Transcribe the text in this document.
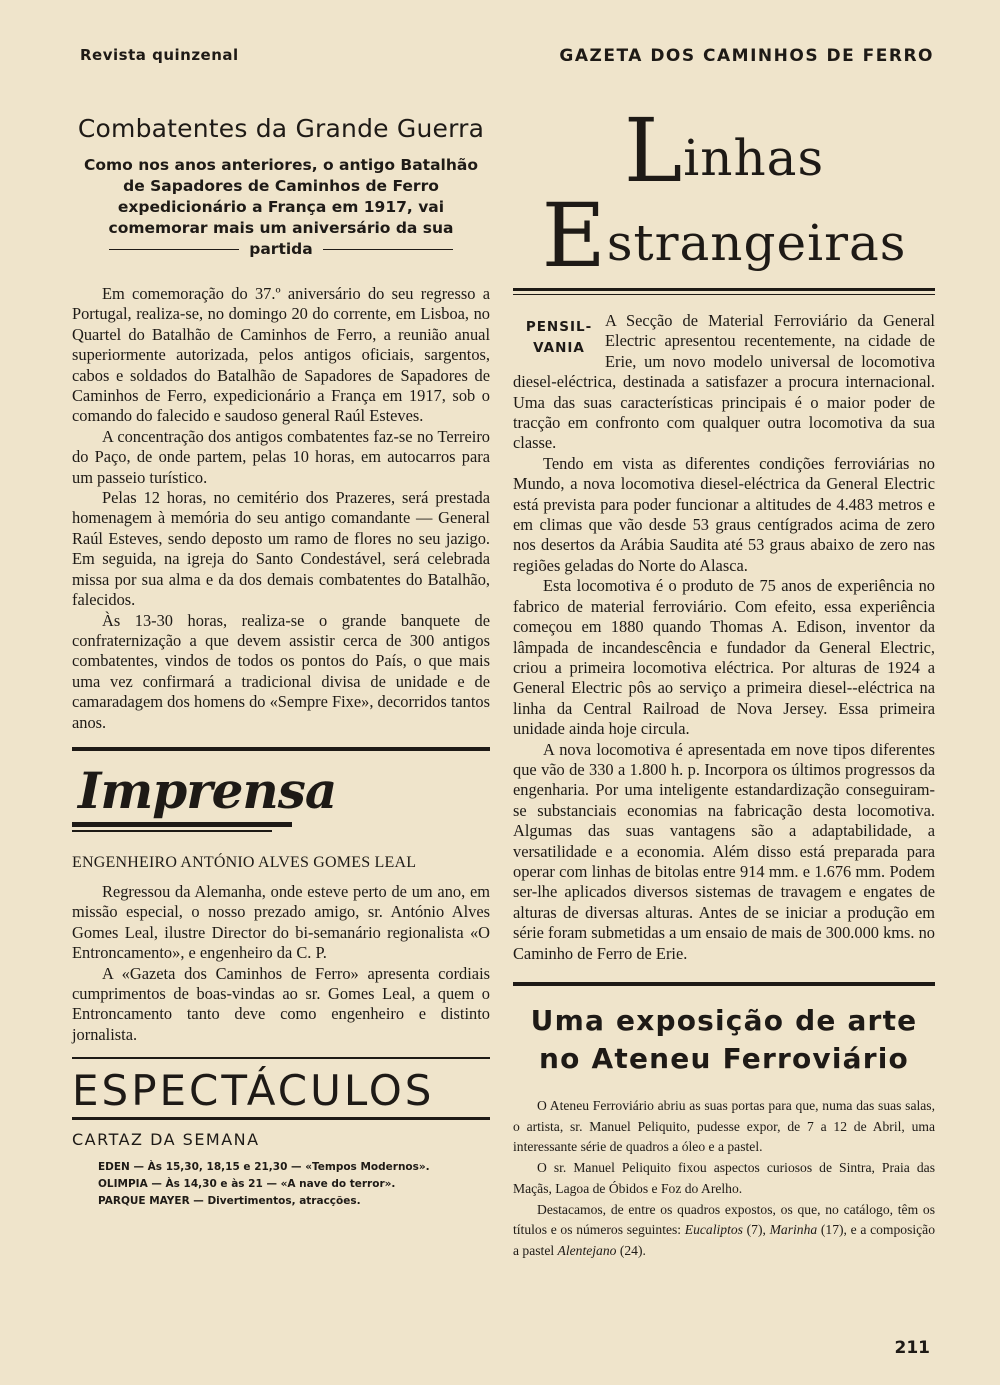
Revista quinzenal	GAZETA DOS CAMINHOS DE FERRO
Combatentes da Grande Guerra
Como nos anos anteriores, o antigo Batalhão
de Sapadores de Caminhos de Ferro
expedicionário a França em 1917, vai
comemorar mais um aniversário da sua
partida

Em comemoração do 37.º aniversário do seu regresso a Portugal, realiza-se, no domingo 20 do corrente, em Lisboa, no Quartel do Batalhão de Caminhos de Ferro, a reunião anual superiormente autorizada, pelos antigos oficiais, sargentos, cabos e soldados do Batalhão de Sapadores de Sapadores de Caminhos de Ferro, expedicionário a França em 1917, sob o comando do falecido e saudoso general Raúl Esteves.

A concentração dos antigos combatentes faz-se no Terreiro do Paço, de onde partem, pelas 10 horas, em autocarros para um passeio turístico.

Pelas 12 horas, no cemitério dos Prazeres, será prestada homenagem à memória do seu antigo comandante — General Raúl Esteves, sendo deposto um ramo de flores no seu jazigo. Em seguida, na igreja do Santo Condestável, será celebrada missa por sua alma e da dos demais combatentes do Batalhão, falecidos.

Às 13-30 horas, realiza-se o grande banquete de confraternização a que devem assistir cerca de 300 antigos combatentes, vindos de todos os pontos do País, o que mais uma vez confirmará a tradicional divisa de unidade e de camaradagem dos homens do «Sempre Fixe», decorridos tantos anos.

Imprensa
ENGENHEIRO ANTÓNIO ALVES GOMES LEAL

Regressou da Alemanha, onde esteve perto de um ano, em missão especial, o nosso prezado amigo, sr. António Alves Gomes Leal, ilustre Director do bi-semanário regionalista «O Entroncamento», e engenheiro da C. P.

A «Gazeta dos Caminhos de Ferro» apresenta cordiais cumprimentos de boas-vindas ao sr. Gomes Leal, a quem o Entroncamento tanto deve como engenheiro e distinto jornalista.

ESPECTÁCULOS
CARTAZ DA SEMANA
EDEN — Às 15,30, 18,15 e 21,30 — «Tempos Modernos».
OLIMPIA — Às 14,30 e às 21 — «A nave do terror».
PARQUE MAYER — Divertimentos, atracções.
Linhas Estrangeiras
PENSIL-
VANIA

A Secção de Material Ferroviário da General Electric apresentou recentemente, na cidade de Erie, um novo modelo universal de locomotiva diesel-eléctrica, destinada a satisfazer a procura internacional. Uma das suas características principais é o maior poder de tracção em confronto com qualquer outra locomotiva da sua classe.

Tendo em vista as diferentes condições ferroviárias no Mundo, a nova locomotiva diesel-eléctrica da General Electric está prevista para poder funcionar a altitudes de 4.483 metros e em climas que vão desde 53 graus centígrados acima de zero nos desertos da Arábia Saudita até 53 graus abaixo de zero nas regiões geladas do Norte do Alasca.

Esta locomotiva é o produto de 75 anos de experiência no fabrico de material ferroviário. Com efeito, essa experiência começou em 1880 quando Thomas A. Edison, inventor da lâmpada de incandescência e fundador da General Electric, criou a primeira locomotiva eléctrica. Por alturas de 1924 a General Electric pôs ao serviço a primeira diesel--eléctrica na linha da Central Railroad de Nova Jersey. Essa primeira unidade ainda hoje circula.

A nova locomotiva é apresentada em nove tipos diferentes que vão de 330 a 1.800 h. p. Incorpora os últimos progressos da engenharia. Por uma inteligente estandardização conseguiram-se substanciais economias na fabricação desta locomotiva. Algumas das suas vantagens são a adaptabilidade, a versatilidade e a economia. Além disso está preparada para operar com linhas de bitolas entre 914 mm. e 1.676 mm. Podem ser-lhe aplicados diversos sistemas de travagem e engates de alturas de diversas alturas. Antes de se iniciar a produção em série foram submetidas a um ensaio de mais de 300.000 kms. no Caminho de Ferro de Erie.

Uma exposição de arte
no Ateneu Ferroviário

O Ateneu Ferroviário abriu as suas portas para que, numa das suas salas, o artista, sr. Manuel Peliquito, pudesse expor, de 7 a 12 de Abril, uma interessante série de quadros a óleo e a pastel.

O sr. Manuel Peliquito fixou aspectos curiosos de Sintra, Praia das Maçãs, Lagoa de Óbidos e Foz do Arelho.

Destacamos, de entre os quadros expostos, os que, no catálogo, têm os títulos e os números seguintes: Eucaliptos (7), Marinha (17), e a composição a pastel Alentejano (24).

211
